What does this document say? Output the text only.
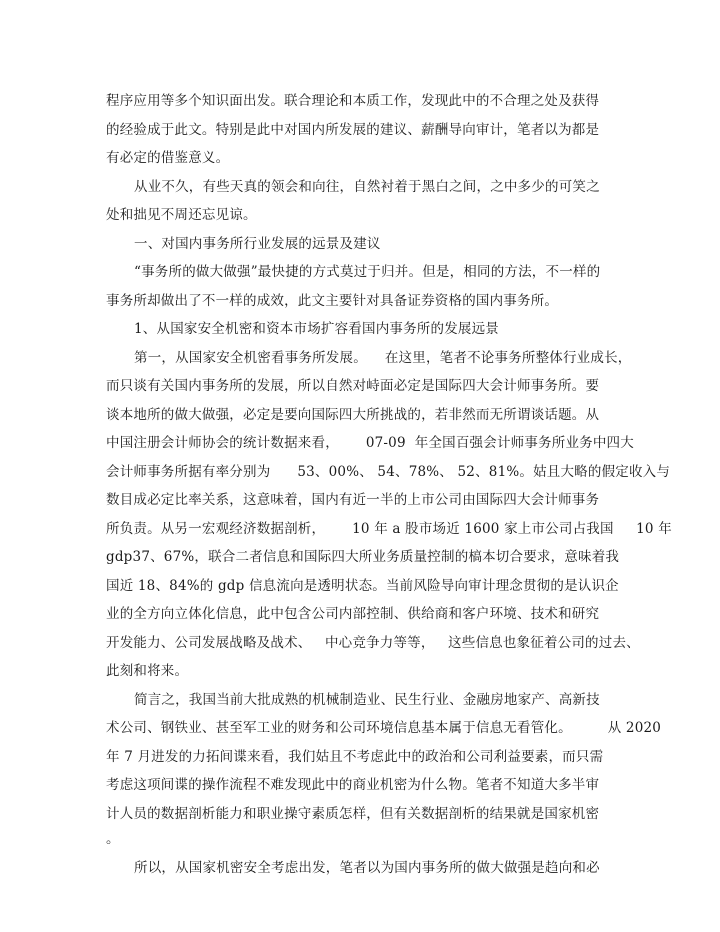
程序应用等多个知识面出发。联合理论和本质工作，发现此中的不合理之处及获得
的经验成于此文。特别是此中对国内所发展的建议、薪酬导向审计，笔者以为都是
有必定的借鉴意义。
从业不久，有些天真的领会和向往，自然衬着于黑白之间，之中多少的可笑之
处和拙见不周还忘见谅。
一、对国内事务所行业发展的远景及建议
“事务所的做大做强”最快捷的方式莫过于归并。但是，相同的方法，不一样的
事务所却做出了不一样的成效，此文主要针对具备证券资格的国内事务所。
1、从国家安全机密和资本市场扩容看国内事务所的发展远景
第一，从国家安全机密看事务所发展。    在这里，笔者不论事务所整体行业成长，
而只谈有关国内事务所的发展，所以自然对峙面必定是国际四大会计师事务所。要
谈本地所的做大做强，必定是要向国际四大所挑战的，若非然而无所谓谈话题。从
中国注册会计师协会的统计数据来看，      07-09  年全国百强会计师事务所业务中四大
会计师事务所据有率分别为      53、00%、 54、78%、 52、81%。姑且大略的假定收入与
数目成必定比率关系，这意味着，国内有近一半的上市公司由国际四大会计师事务
所负责。从另一宏观经济数据剖析，      10 年 a 股市场近 1600 家上市公司占我国     10 年
gdp37、67%，联合二者信息和国际四大所业务质量控制的槁本切合要求，意味着我
国近 18、84%的 gdp 信息流向是透明状态。当前风险导向审计理念贯彻的是认识企
业的全方向立体化信息，此中包含公司内部控制、供给商和客户环境、技术和研究
开发能力、公司发展战略及战术、   中心竞争力等等，   这些信息也象征着公司的过去、
此刻和将来。
简言之，我国当前大批成熟的机械制造业、民生行业、金融房地家产、高新技
术公司、钢铁业、甚至军工业的财务和公司环境信息基本属于信息无看管化。        从 2020
年 7 月进发的力拓间谍来看，我们姑且不考虑此中的政治和公司利益要素，而只需
考虑这项间谍的操作流程不难发现此中的商业机密为什么物。笔者不知道大多半审
计人员的数据剖析能力和职业操守素质怎样，但有关数据剖析的结果就是国家机密
。
所以，从国家机密安全考虑出发，笔者以为国内事务所的做大做强是趋向和必
